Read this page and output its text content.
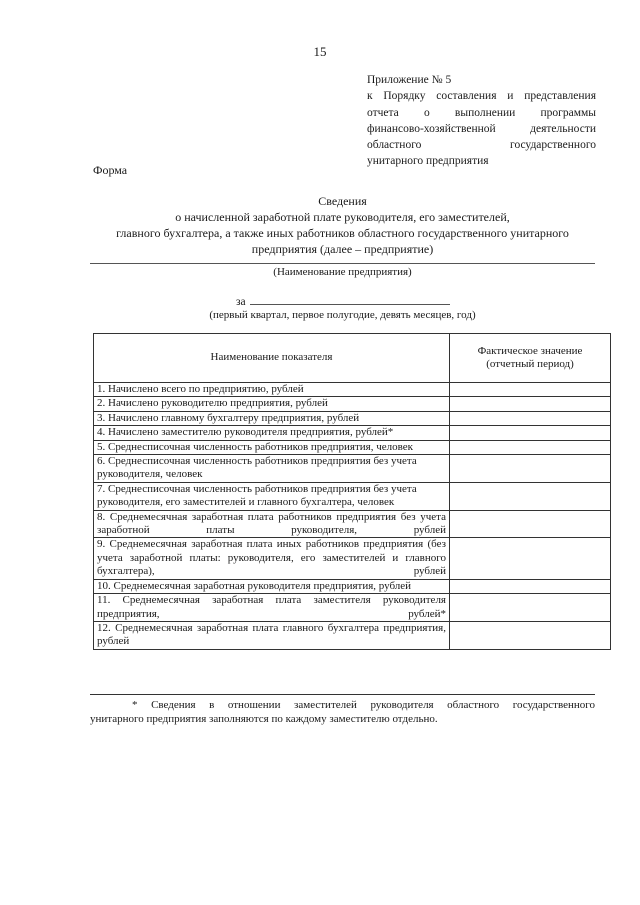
15
Приложение № 5
к Порядку составления и представления
отчета о выполнении программы
финансово-хозяйственной деятельности
областного государственного
унитарного предприятия
Форма
Сведения
о начисленной заработной плате руководителя, его заместителей,
главного бухгалтера, а также иных работников областного государственного унитарного
предприятия (далее – предприятие)
(Наименование предприятия)
за
(первый квартал, первое полугодие, девять месяцев, год)
Наименование показателя	Фактическое значение (отчетный период)
1. Начислено всего по предприятию, рублей	
2. Начислено руководителю предприятия, рублей	
3. Начислено главному бухгалтеру предприятия, рублей	
4. Начислено заместителю руководителя предприятия, рублей*	
5. Среднесписочная численность работников предприятия, человек	
6. Среднесписочная численность работников предприятия без учета руководителя, человек	
7. Среднесписочная численность работников предприятия без учета руководителя, его заместителей и главного бухгалтера, человек	
8. Среднемесячная заработная плата работников предприятия без учета заработной платы руководителя, рублей	
9. Среднемесячная заработная плата иных работников предприятия (без учета заработной платы: руководителя, его заместителей и главного бухгалтера), рублей	
10. Среднемесячная заработная руководителя предприятия, рублей	
11. Среднемесячная заработная плата заместителя руководителя предприятия, рублей*	
12. Среднемесячная заработная плата главного бухгалтера предприятия, рублей	
* Сведения в отношении заместителей руководителя областного государственного
унитарного предприятия заполняются по каждому заместителю отдельно.
